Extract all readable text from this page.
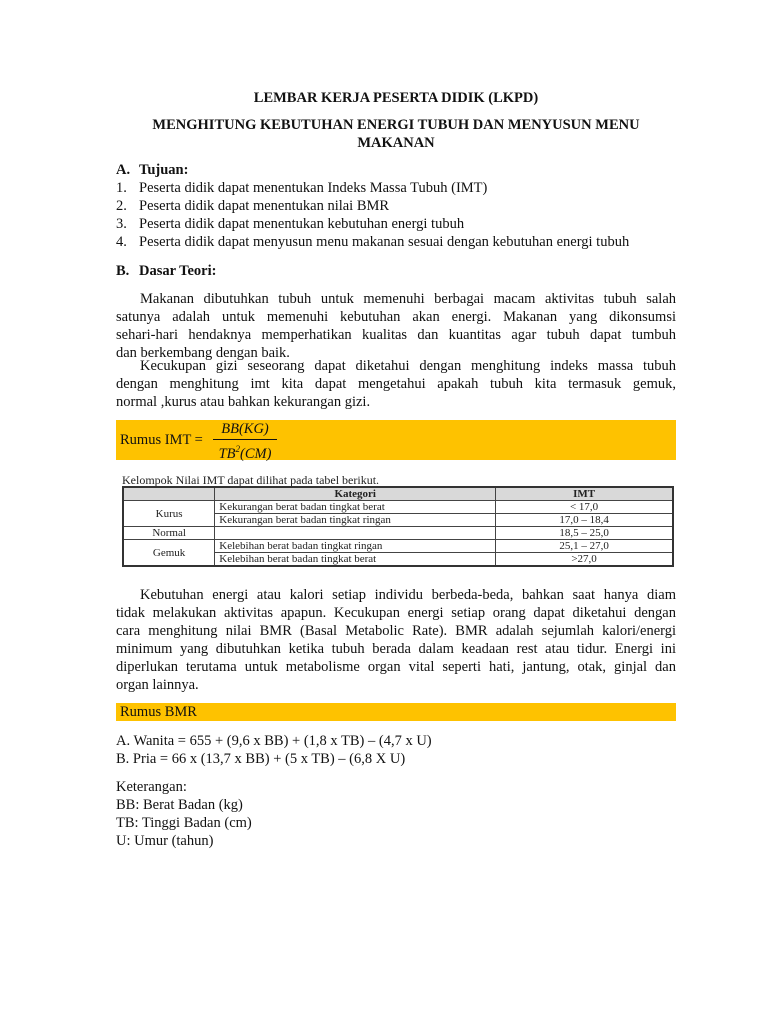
LEMBAR KERJA PESERTA DIDIK (LKPD)
MENGHITUNG KEBUTUHAN ENERGI TUBUH DAN MENYUSUN MENU
MAKANAN
A. Tujuan:
1. Peserta didik dapat menentukan Indeks Massa Tubuh (IMT)
2. Peserta didik dapat menentukan nilai BMR
3. Peserta didik dapat menentukan kebutuhan energi tubuh
4. Peserta didik dapat menyusun menu makanan sesuai dengan kebutuhan energi tubuh
B. Dasar Teori:
Makanan dibutuhkan tubuh untuk memenuhi berbagai macam aktivitas tubuh salah
satunya adalah untuk memenuhi kebutuhan akan energi. Makanan yang dikonsumsi
sehari-hari hendaknya memperhatikan kualitas dan kuantitas agar tubuh dapat tumbuh
dan berkembang dengan baik.
Kecukupan gizi seseorang dapat diketahui dengan menghitung indeks massa tubuh
dengan menghitung imt kita dapat mengetahui apakah tubuh kita termasuk gemuk,
normal ,kurus atau bahkan kekurangan gizi.
Rumus IMT = $\frac{BB(KG)}{TB^2(CM)}$
Kelompok Nilai IMT dapat dilihat pada tabel berikut.
	Kategori	IMT
Kurus	Kekurangan berat badan tingkat berat	< 17,0
	Kekurangan berat badan tingkat ringan	17,0 – 18,4
Normal		18,5 – 25,0
Gemuk	Kelebihan berat badan tingkat ringan	25,1 – 27,0
	Kelebihan berat badan tingkat berat	>27,0
Kebutuhan energi atau kalori setiap individu berbeda-beda, bahkan saat hanya diam
tidak melakukan aktivitas apapun. Kecukupan energi setiap orang dapat diketahui dengan
cara menghitung nilai BMR (Basal Metabolic Rate). BMR adalah sejumlah kalori/energi
minimum yang dibutuhkan ketika tubuh berada dalam keadaan rest atau tidur. Energi ini
diperlukan terutama untuk metabolisme organ vital seperti hati, jantung, otak, ginjal dan
organ lainnya.
Rumus BMR
A. Wanita = 655 + (9,6 x BB) + (1,8 x TB) – (4,7 x U)
B. Pria = 66 x (13,7 x BB) + (5 x TB) – (6,8 X U)
Keterangan:
BB: Berat Badan (kg)
TB: Tinggi Badan (cm)
U: Umur (tahun)
